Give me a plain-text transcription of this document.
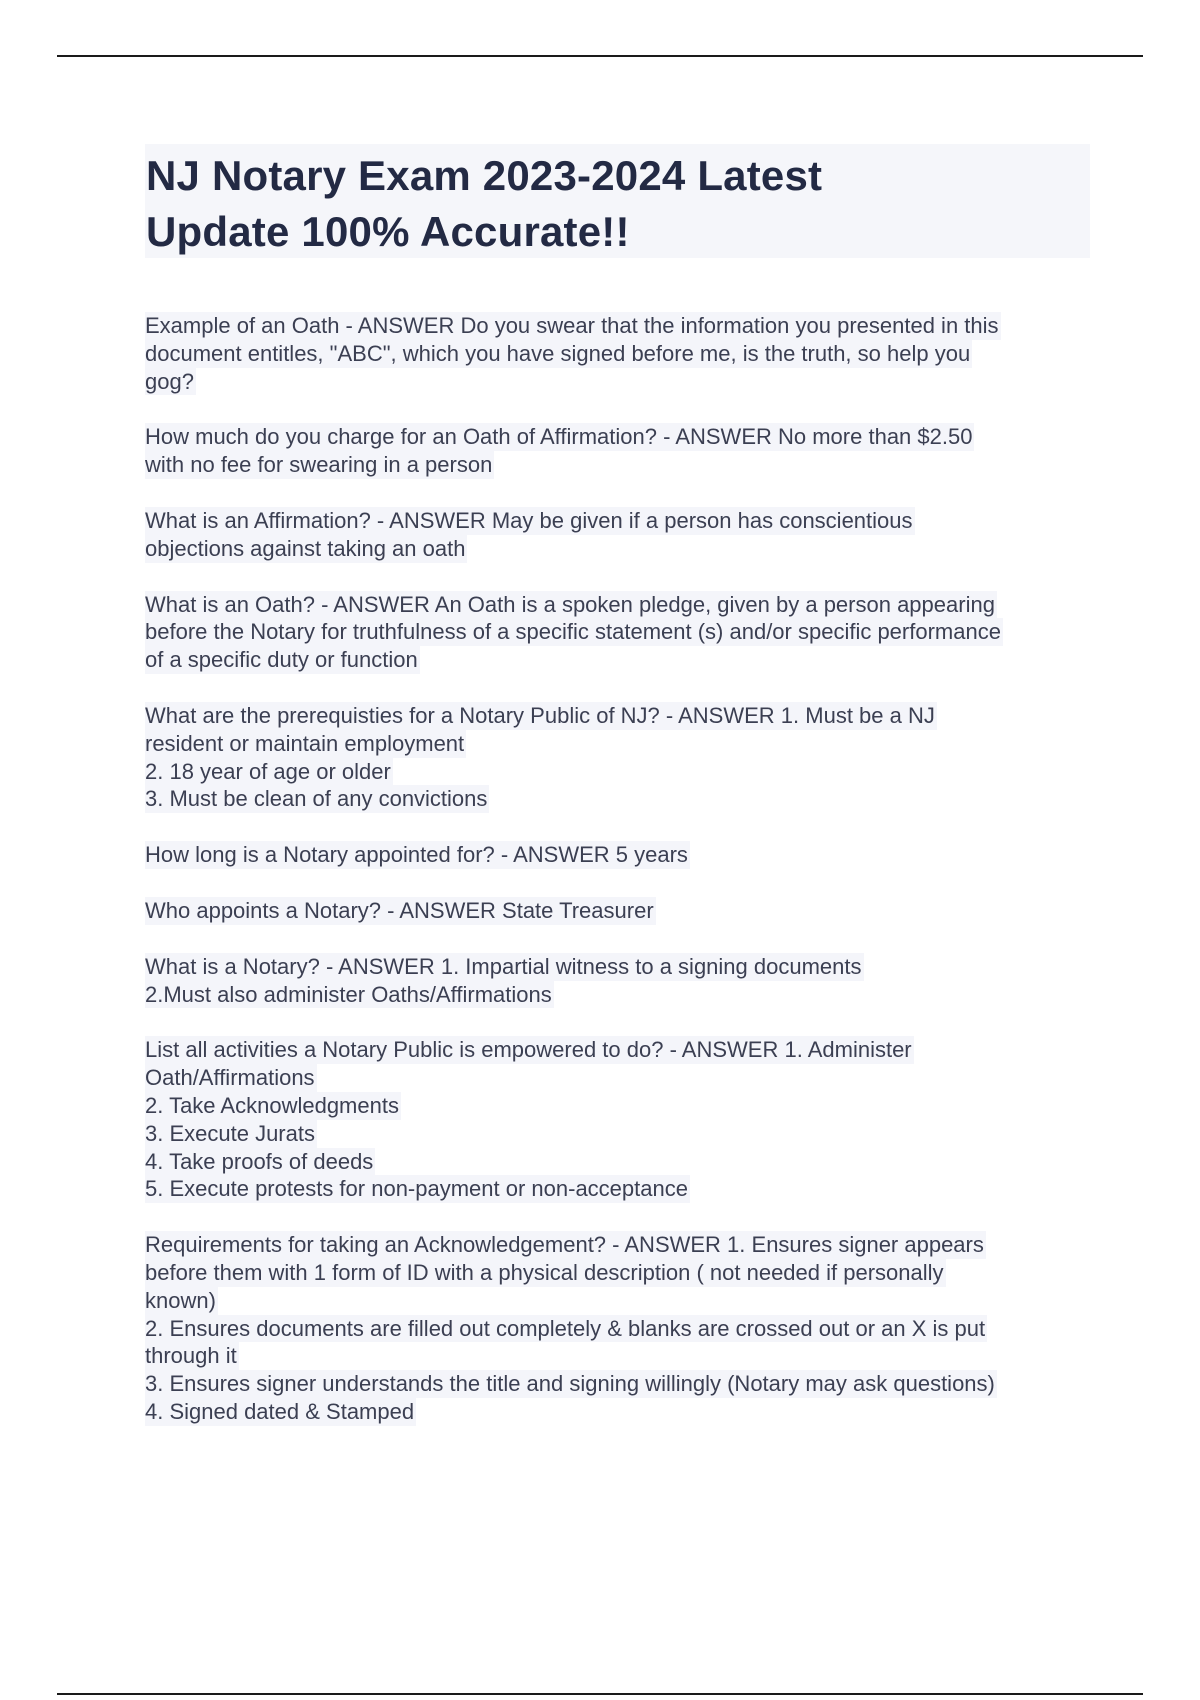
NJ Notary Exam 2023-2024 Latest
Update 100% Accurate!!
Example of an Oath - ANSWER Do you swear that the information you presented in this
document entitles, "ABC", which you have signed before me, is the truth, so help you
gog?
How much do you charge for an Oath of Affirmation? - ANSWER No more than $2.50
with no fee for swearing in a person
What is an Affirmation? - ANSWER May be given if a person has conscientious
objections against taking an oath
What is an Oath? - ANSWER An Oath is a spoken pledge, given by a person appearing
before the Notary for truthfulness of a specific statement (s) and/or specific performance
of a specific duty or function
What are the prerequisties for a Notary Public of NJ? - ANSWER 1. Must be a NJ
resident or maintain employment
2. 18 year of age or older
3. Must be clean of any convictions
How long is a Notary appointed for? - ANSWER 5 years
Who appoints a Notary? - ANSWER State Treasurer
What is a Notary? - ANSWER 1. Impartial witness to a signing documents
2.Must also administer Oaths/Affirmations
List all activities a Notary Public is empowered to do? - ANSWER 1. Administer
Oath/Affirmations
2. Take Acknowledgments
3. Execute Jurats
4. Take proofs of deeds
5. Execute protests for non-payment or non-acceptance
Requirements for taking an Acknowledgement? - ANSWER 1. Ensures signer appears
before them with 1 form of ID with a physical description ( not needed if personally
known)
2. Ensures documents are filled out completely & blanks are crossed out or an X is put
through it
3. Ensures signer understands the title and signing willingly (Notary may ask questions)
4. Signed dated & Stamped
